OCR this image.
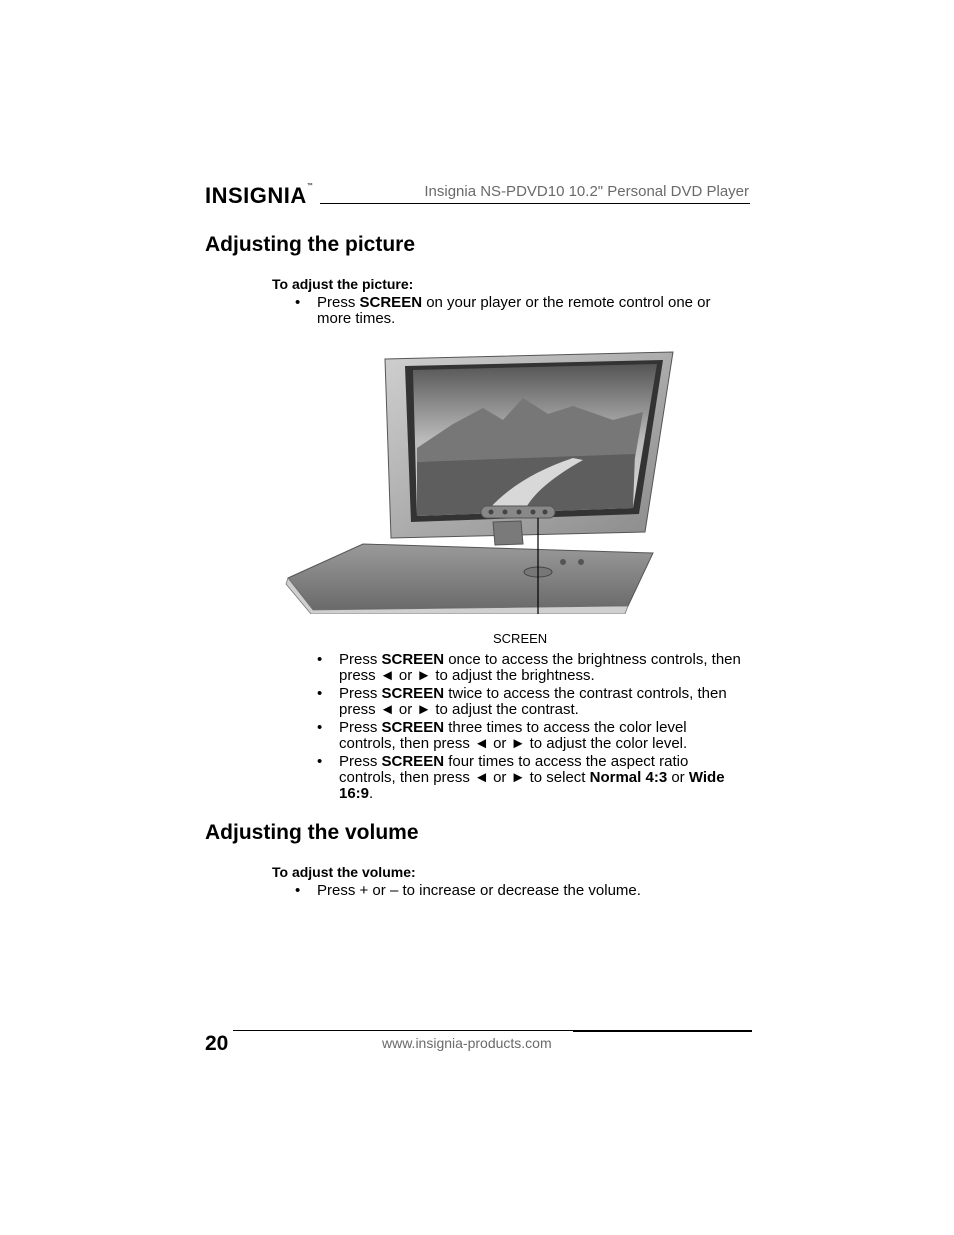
INSIGNIA™	Insignia NS-PDVD10 10.2" Personal DVD Player
Adjusting the picture

To adjust the picture:

• Press SCREEN on your player or the remote control one or more times.
SCREEN
• Press SCREEN once to access the brightness controls, then press ◄ or ► to adjust the brightness.
• Press SCREEN twice to access the contrast controls, then press ◄ or ► to adjust the contrast.
• Press SCREEN three times to access the color level controls, then press ◄ or ► to adjust the color level.
• Press SCREEN four times to access the aspect ratio controls, then press ◄ or ► to select Normal 4:3 or Wide 16:9.
Adjusting the volume

To adjust the volume:

• Press + or – to increase or decrease the volume.
20	www.insignia-products.com
